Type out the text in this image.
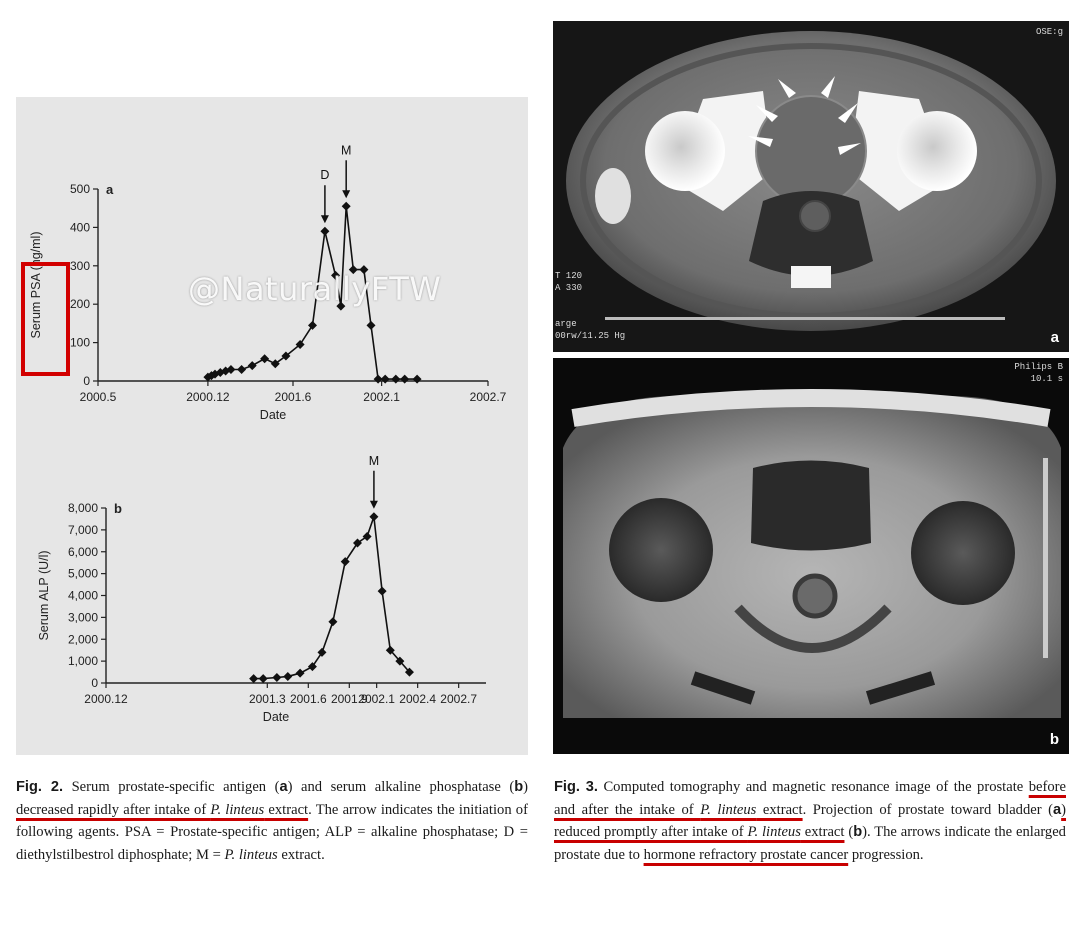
0
100
200
300
400
500
2000.5	2000.12	2001.6	2002.1	2002.7
Date
Serum PSA (ng/ml)
a
D
M
0
1,000
2,000
3,000
4,000
5,000
6,000
7,000
8,000
2000.12	2001.3 2001.6 2001.9
2002.1 2002.4 2002.7
Date
Serum ALP (U/l)
b
M
@NaturallyFTW
OSE:g
T 120
A 330
arge
00rw/11.25 Hg	a
Philips B
10.1 s
b
Fig. 2. Serum prostate-specific antigen (a) and serum alkaline phosphatase (b) decreased rapidly after intake of P. linteus extract. The arrow indicates the initiation of following agents. PSA = Prostate-specific antigen; ALP = alkaline phosphatase; D = diethylstilbestrol diphosphate; M = P. linteus extract.
Fig. 3. Computed tomography and magnetic resonance image of the prostate before and after the intake of P. linteus extract. Projection of prostate toward bladder (a) reduced promptly after intake of P. linteus extract (b). The arrows indicate the enlarged prostate due to hormone refractory prostate cancer progression.
